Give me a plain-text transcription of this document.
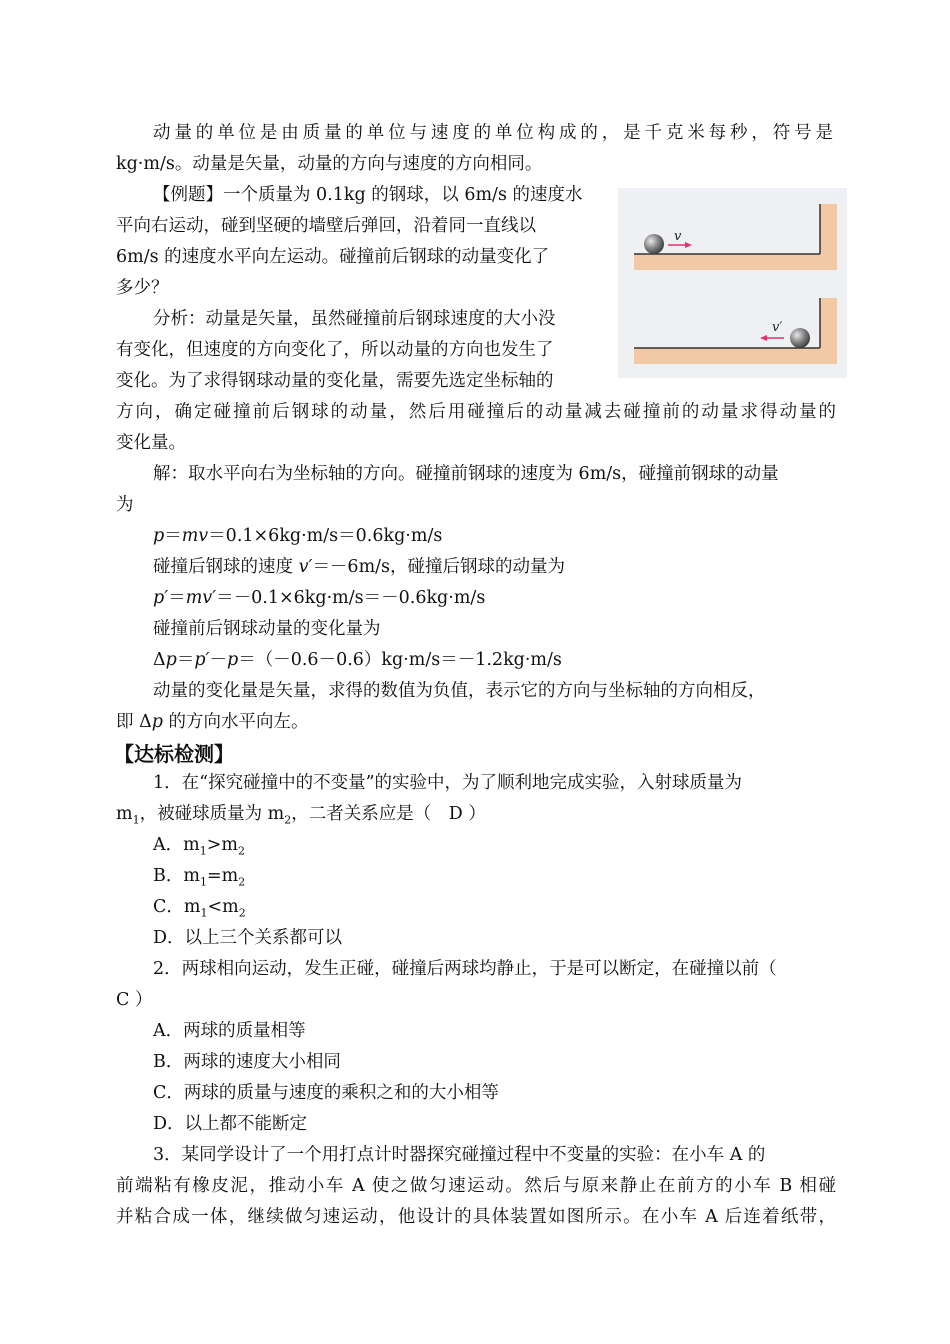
动量的单位是由质量的单位与速度的单位构成的，是千克米每秒，符号是
kg·m/s。动量是矢量，动量的方向与速度的方向相同。
【例题】一个质量为 0.1kg 的钢球，以 6m/s 的速度水
平向右运动，碰到坚硬的墙壁后弹回，沿着同一直线以
6m/s 的速度水平向左运动。碰撞前后钢球的动量变化了
多少？
分析：动量是矢量，虽然碰撞前后钢球速度的大小没
有变化，但速度的方向变化了，所以动量的方向也发生了
变化。为了求得钢球动量的变化量，需要先选定坐标轴的
方向，确定碰撞前后钢球的动量，然后用碰撞后的动量减去碰撞前的动量求得动量的
变化量。
v
v′
解：取水平向右为坐标轴的方向。碰撞前钢球的速度为 6m/s，碰撞前钢球的动量
为
p＝mv＝0.1×6kg·m/s＝0.6kg·m/s
碰撞后钢球的速度 v′＝－6m/s，碰撞后钢球的动量为
p′＝mv′＝－0.1×6kg·m/s＝－0.6kg·m/s
碰撞前后钢球动量的变化量为
Δp＝p′－p＝（－0.6－0.6）kg·m/s＝－1.2kg·m/s
动量的变化量是矢量，求得的数值为负值，表示它的方向与坐标轴的方向相反，
即 Δp 的方向水平向左。
【达标检测】
1．在“探究碰撞中的不变量”的实验中，为了顺利地完成实验，入射球质量为
$m_1$，被碰球质量为 $m_2$，二者关系应是（　D ）
A．$m_1>m_2$
B．$m_1=m_2$
C．$m_1<m_2$
D．以上三个关系都可以
2．两球相向运动，发生正碰，碰撞后两球均静止，于是可以断定，在碰撞以前（
C ）
A．两球的质量相等
B．两球的速度大小相同
C．两球的质量与速度的乘积之和的大小相等
D．以上都不能断定
3．某同学设计了一个用打点计时器探究碰撞过程中不变量的实验：在小车 A 的
前端粘有橡皮泥，推动小车 A 使之做匀速运动。然后与原来静止在前方的小车 B 相碰
并粘合成一体，继续做匀速运动，他设计的具体装置如图所示。在小车 A 后连着纸带，
